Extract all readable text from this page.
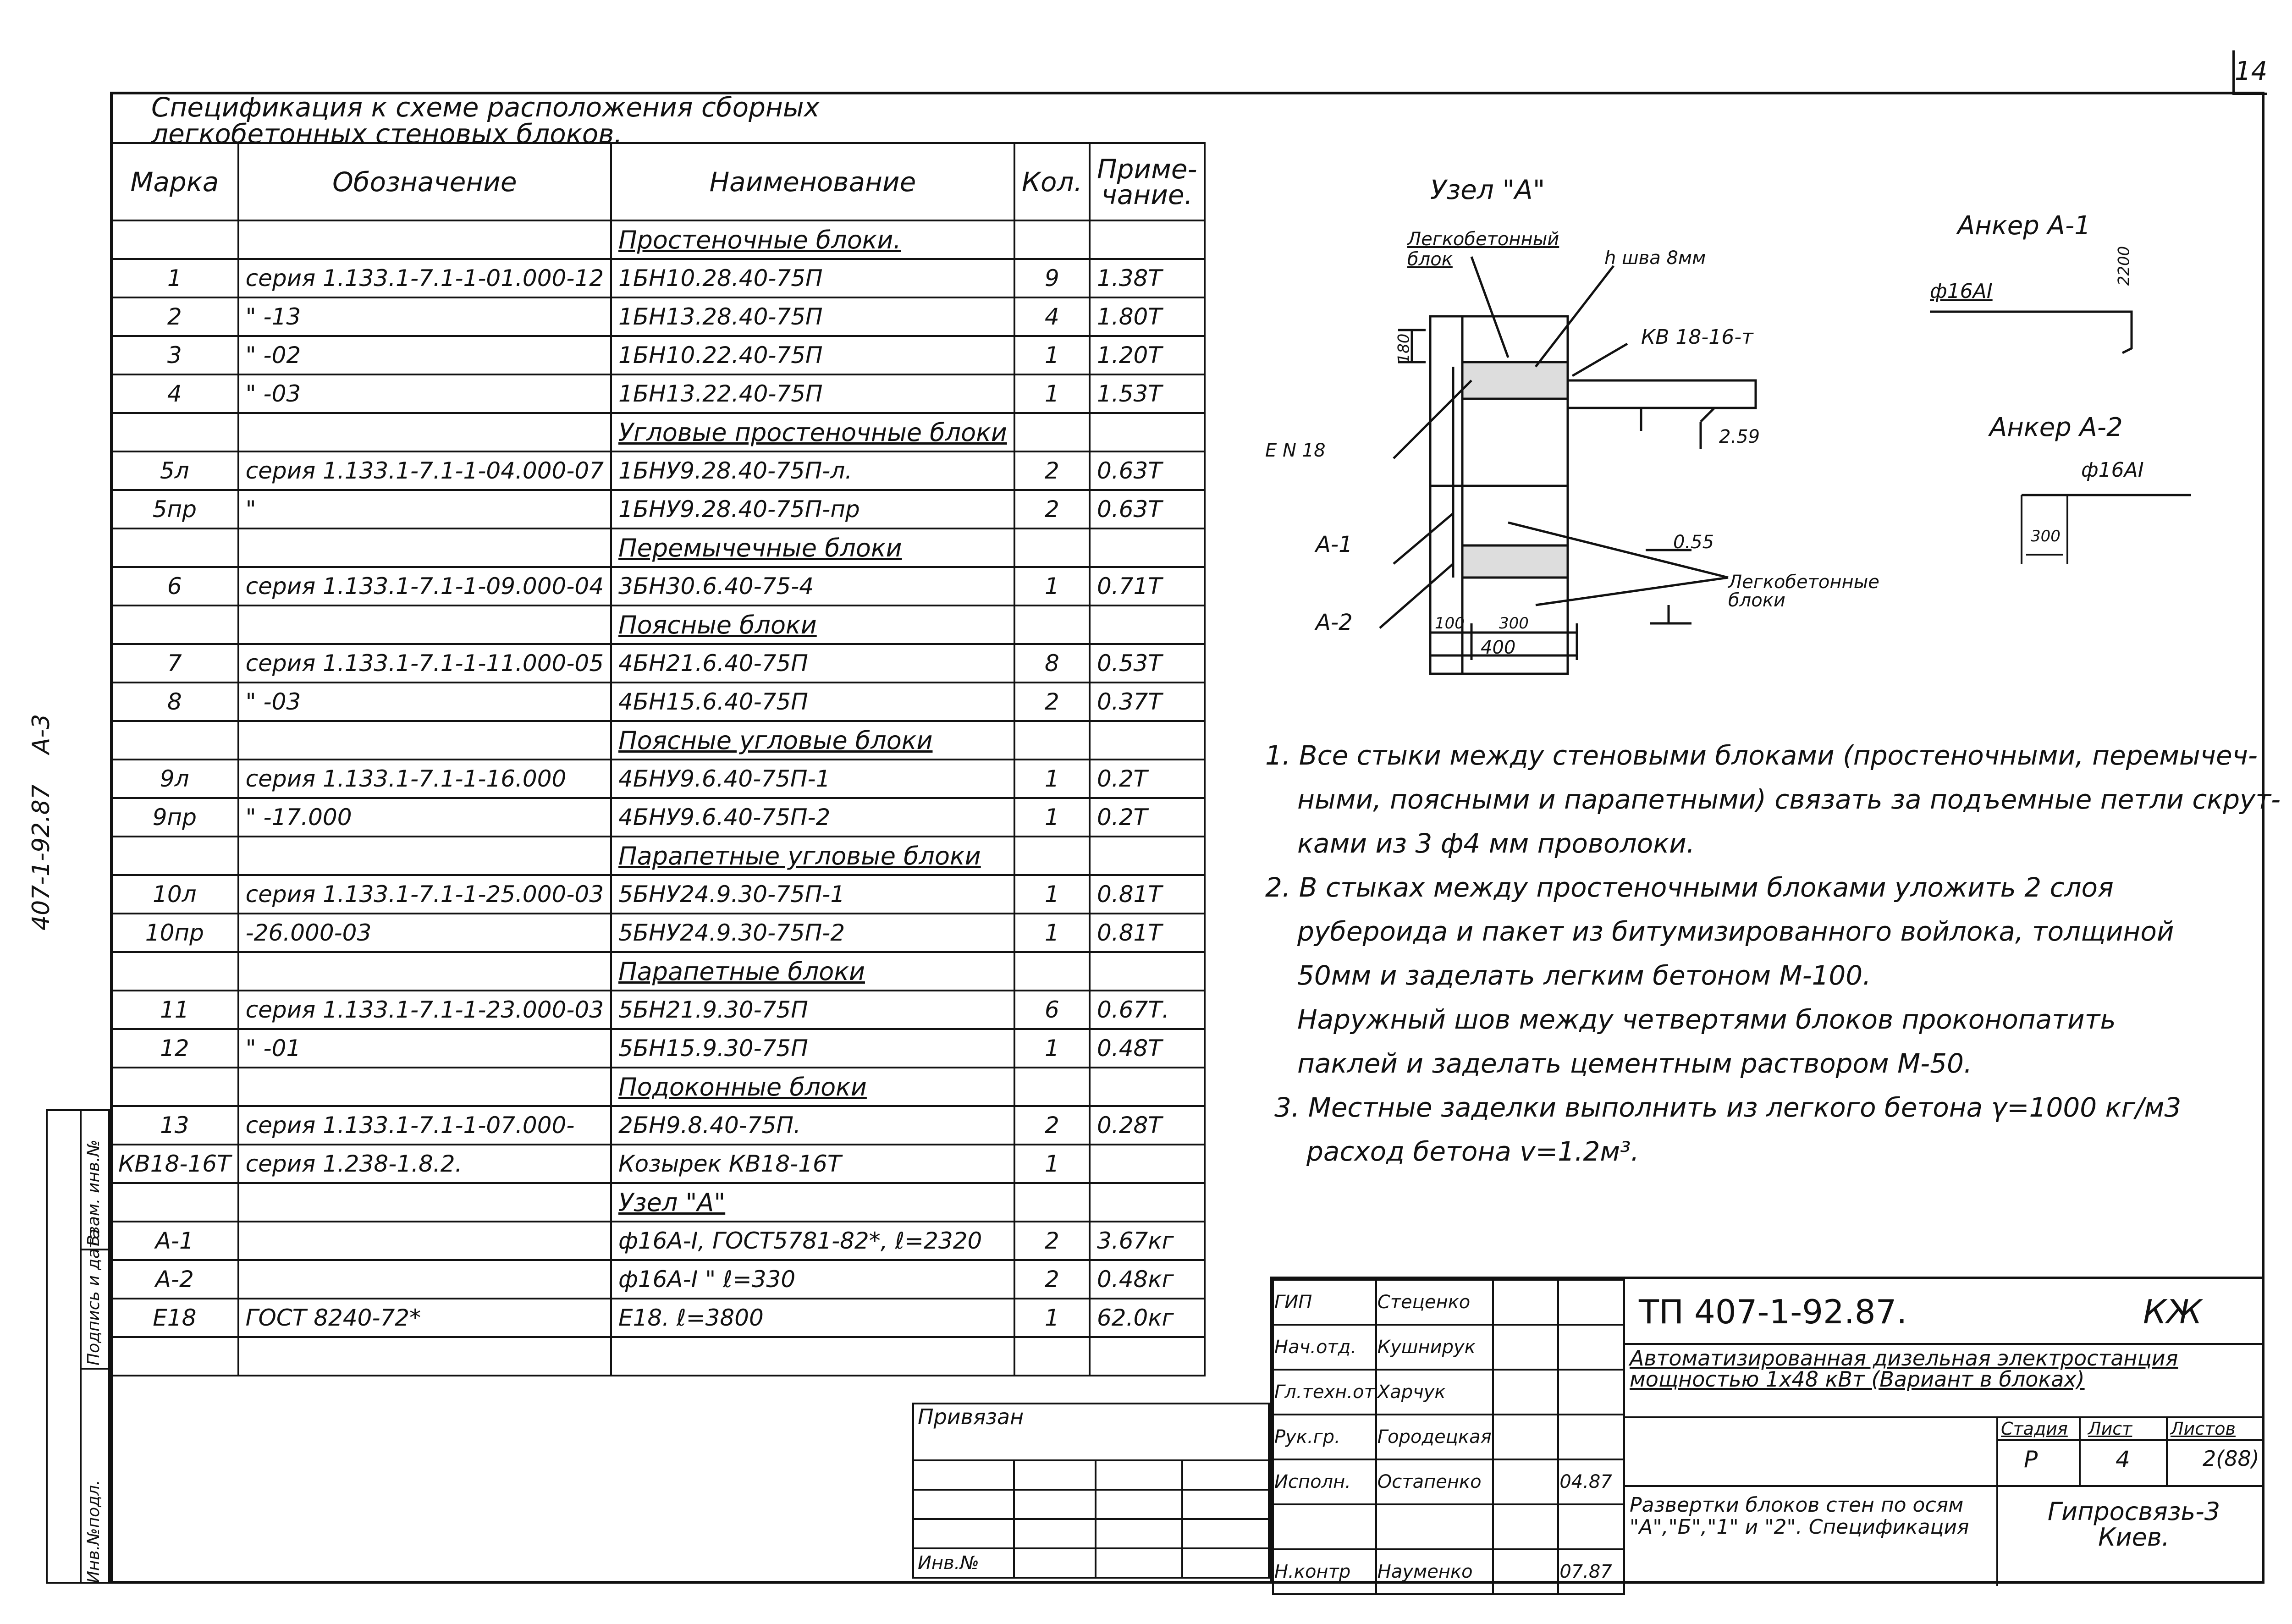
14
407-1-92.87    A-3
Инв.№подл.
Подпись и дата
Взам. инв.№
Спецификация к схеме расположения сборных легкобетонных стеновых блоков.
Марка	Обозначение	Наименование	Кол.	Приме-чание.
		Простеночные блоки.		
1	серия 1.133.1-7.1-1-01.000-12	1БН10.28.40-75П	9	1.38Т
2	" -13	1БН13.28.40-75П	4	1.80Т
3	" -02	1БН10.22.40-75П	1	1.20Т
4	" -03	1БН13.22.40-75П	1	1.53Т
		Угловые простеночные блоки		
5л	серия 1.133.1-7.1-1-04.000-07	1БНУ9.28.40-75П-л.	2	0.63Т
5пр	"	1БНУ9.28.40-75П-пр	2	0.63Т
		Перемычечные блоки		
6	серия 1.133.1-7.1-1-09.000-04	3БН30.6.40-75-4	1	0.71Т
		Поясные блоки		
7	серия 1.133.1-7.1-1-11.000-05	4БН21.6.40-75П	8	0.53Т
8	" -03	4БН15.6.40-75П	2	0.37Т
		Поясные угловые блоки		
9л	серия 1.133.1-7.1-1-16.000	4БНУ9.6.40-75П-1	1	0.2Т
9пр	" -17.000	4БНУ9.6.40-75П-2	1	0.2Т
		Парапетные угловые блоки		
10л	серия 1.133.1-7.1-1-25.000-03	5БНУ24.9.30-75П-1	1	0.81Т
10пр	-26.000-03	5БНУ24.9.30-75П-2	1	0.81Т
		Парапетные блоки		
11	серия 1.133.1-7.1-1-23.000-03	5БН21.9.30-75П	6	0.67Т.
12	" -01	5БН15.9.30-75П	1	0.48Т
		Подоконные блоки		
13	серия 1.133.1-7.1-1-07.000-	2БН9.8.40-75П.	2	0.28Т
КВ18-16Т	серия 1.238-1.8.2.	Козырек КВ18-16Т	1	
		Узел "А"		
А-1		ф16А-I, ГОСТ5781-82*, ℓ=2320	2	3.67кг
А-2		ф16А-I " ℓ=330	2	0.48кг
Е18	ГОСТ 8240-72*	Е18. ℓ=3800	1	62.0кг

Узел "А"
Легкобетонный блок	h шва 8мм
КВ 18-16-т
Е N 18
А-1
А-2
Легкобетонные блоки
180
2.59
0.55
100 300
400
Анкер А-1
ф16АI
2200
Анкер А-2
ф16АI
300
1. Все стыки между стеновыми блоками (простеночными, перемычеч-
ными, поясными и парапетными) связать за подъемные петли скрут-
ками из 3 ф4 мм проволоки.
2. В стыках между простеночными блоками уложить 2 слоя
рубероида и пакет из битумизированного войлока, толщиной
50мм и заделать легким бетоном М-100.
Наружный шов между четвертями блоков проконопатить
паклей и заделать цементным раствором М-50.
3. Местные заделки выполнить из легкого бетона γ=1000 кг/м3
расход бетона v=1.2м³.
Привязан			

Инв.№			
ГИП	Стеценко		
Нач.отд.	Кушнирук		
Гл.техн.от	Харчук		
Рук.гр.	Городецкая		
Исполн.	Остапенко		04.87

Н.контр	Науменко		07.87
ТП 407-1-92.87.	КЖ
Автоматизированная дизельная электростанция мощностью 1х48 кВт (Вариант в блоках)
Стадия Лист Листов
Р	4	2(88)
Развертки блоков стен по осям "А","Б","1" и "2". Спецификация
Гипросвязь-3 Киев.
